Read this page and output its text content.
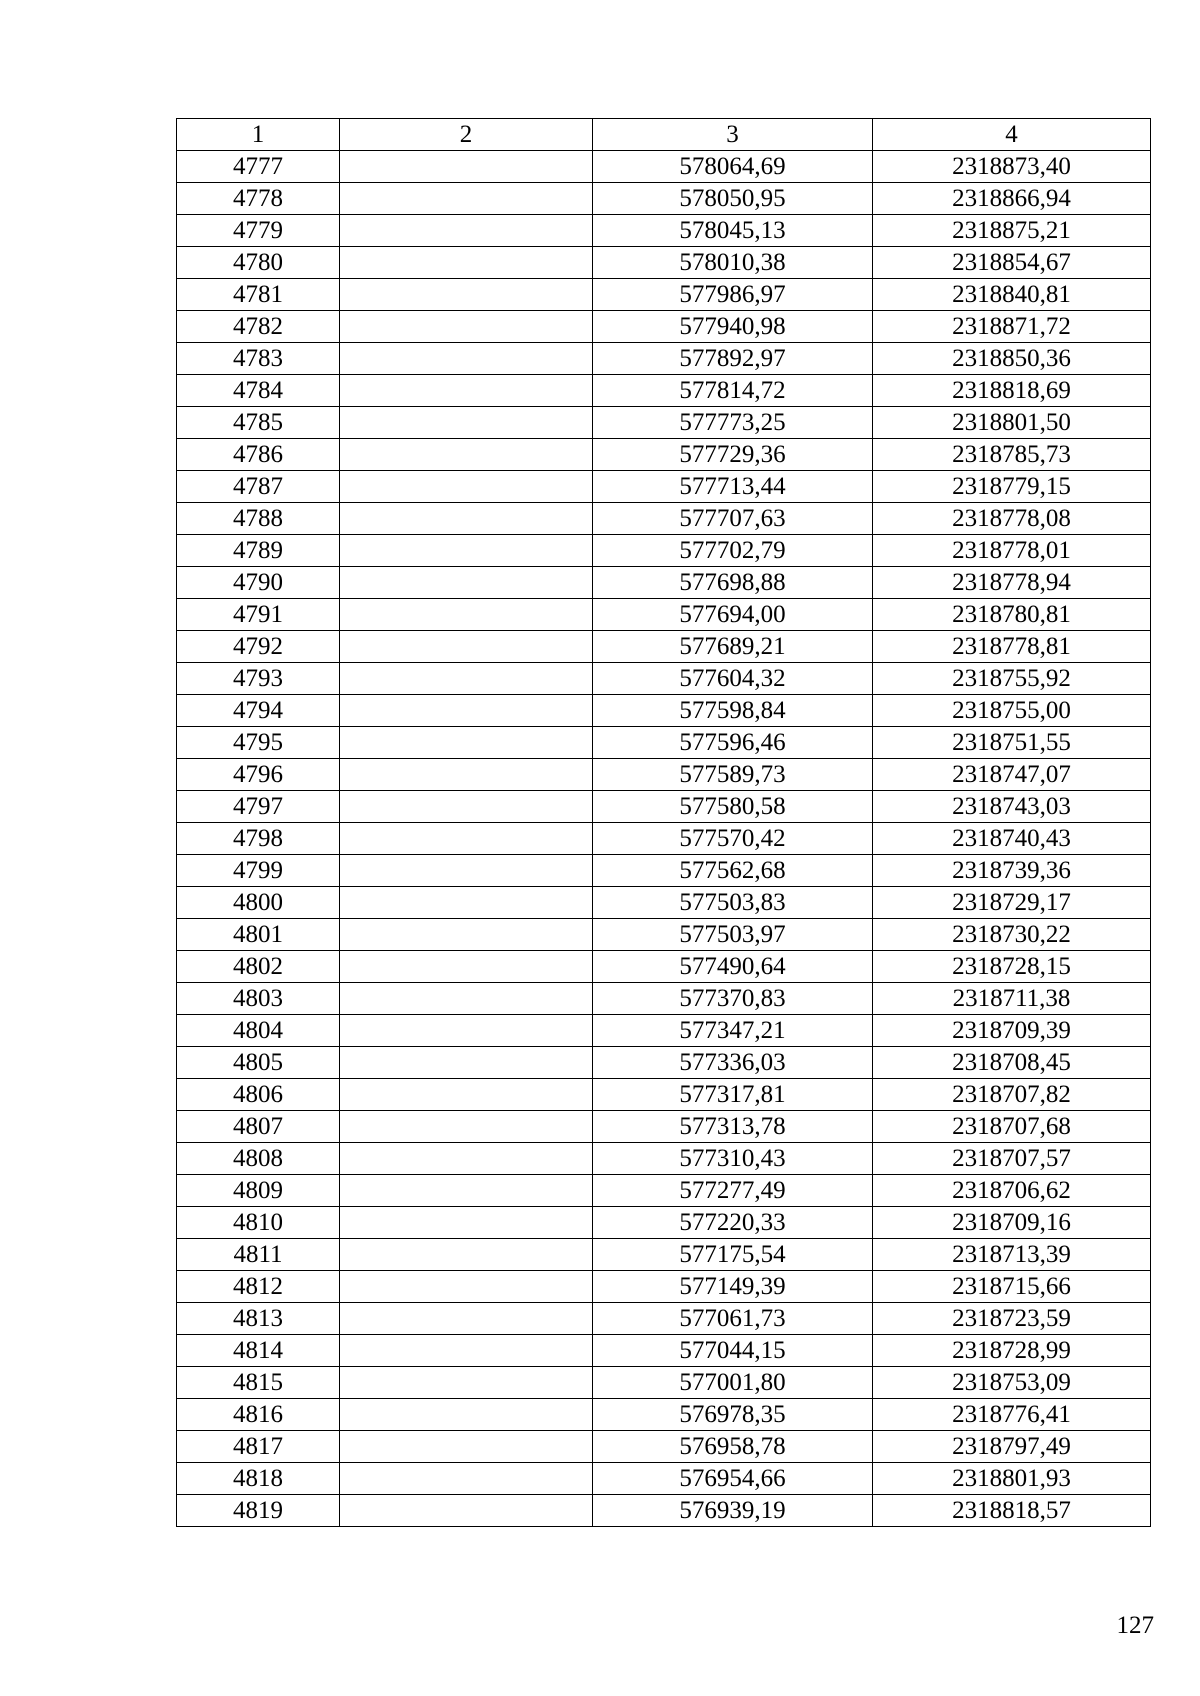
1	2	3	4
4777		578064,69	2318873,40
4778		578050,95	2318866,94
4779		578045,13	2318875,21
4780		578010,38	2318854,67
4781		577986,97	2318840,81
4782		577940,98	2318871,72
4783		577892,97	2318850,36
4784		577814,72	2318818,69
4785		577773,25	2318801,50
4786		577729,36	2318785,73
4787		577713,44	2318779,15
4788		577707,63	2318778,08
4789		577702,79	2318778,01
4790		577698,88	2318778,94
4791		577694,00	2318780,81
4792		577689,21	2318778,81
4793		577604,32	2318755,92
4794		577598,84	2318755,00
4795		577596,46	2318751,55
4796		577589,73	2318747,07
4797		577580,58	2318743,03
4798		577570,42	2318740,43
4799		577562,68	2318739,36
4800		577503,83	2318729,17
4801		577503,97	2318730,22
4802		577490,64	2318728,15
4803		577370,83	2318711,38
4804		577347,21	2318709,39
4805		577336,03	2318708,45
4806		577317,81	2318707,82
4807		577313,78	2318707,68
4808		577310,43	2318707,57
4809		577277,49	2318706,62
4810		577220,33	2318709,16
4811		577175,54	2318713,39
4812		577149,39	2318715,66
4813		577061,73	2318723,59
4814		577044,15	2318728,99
4815		577001,80	2318753,09
4816		576978,35	2318776,41
4817		576958,78	2318797,49
4818		576954,66	2318801,93
4819		576939,19	2318818,57
127
